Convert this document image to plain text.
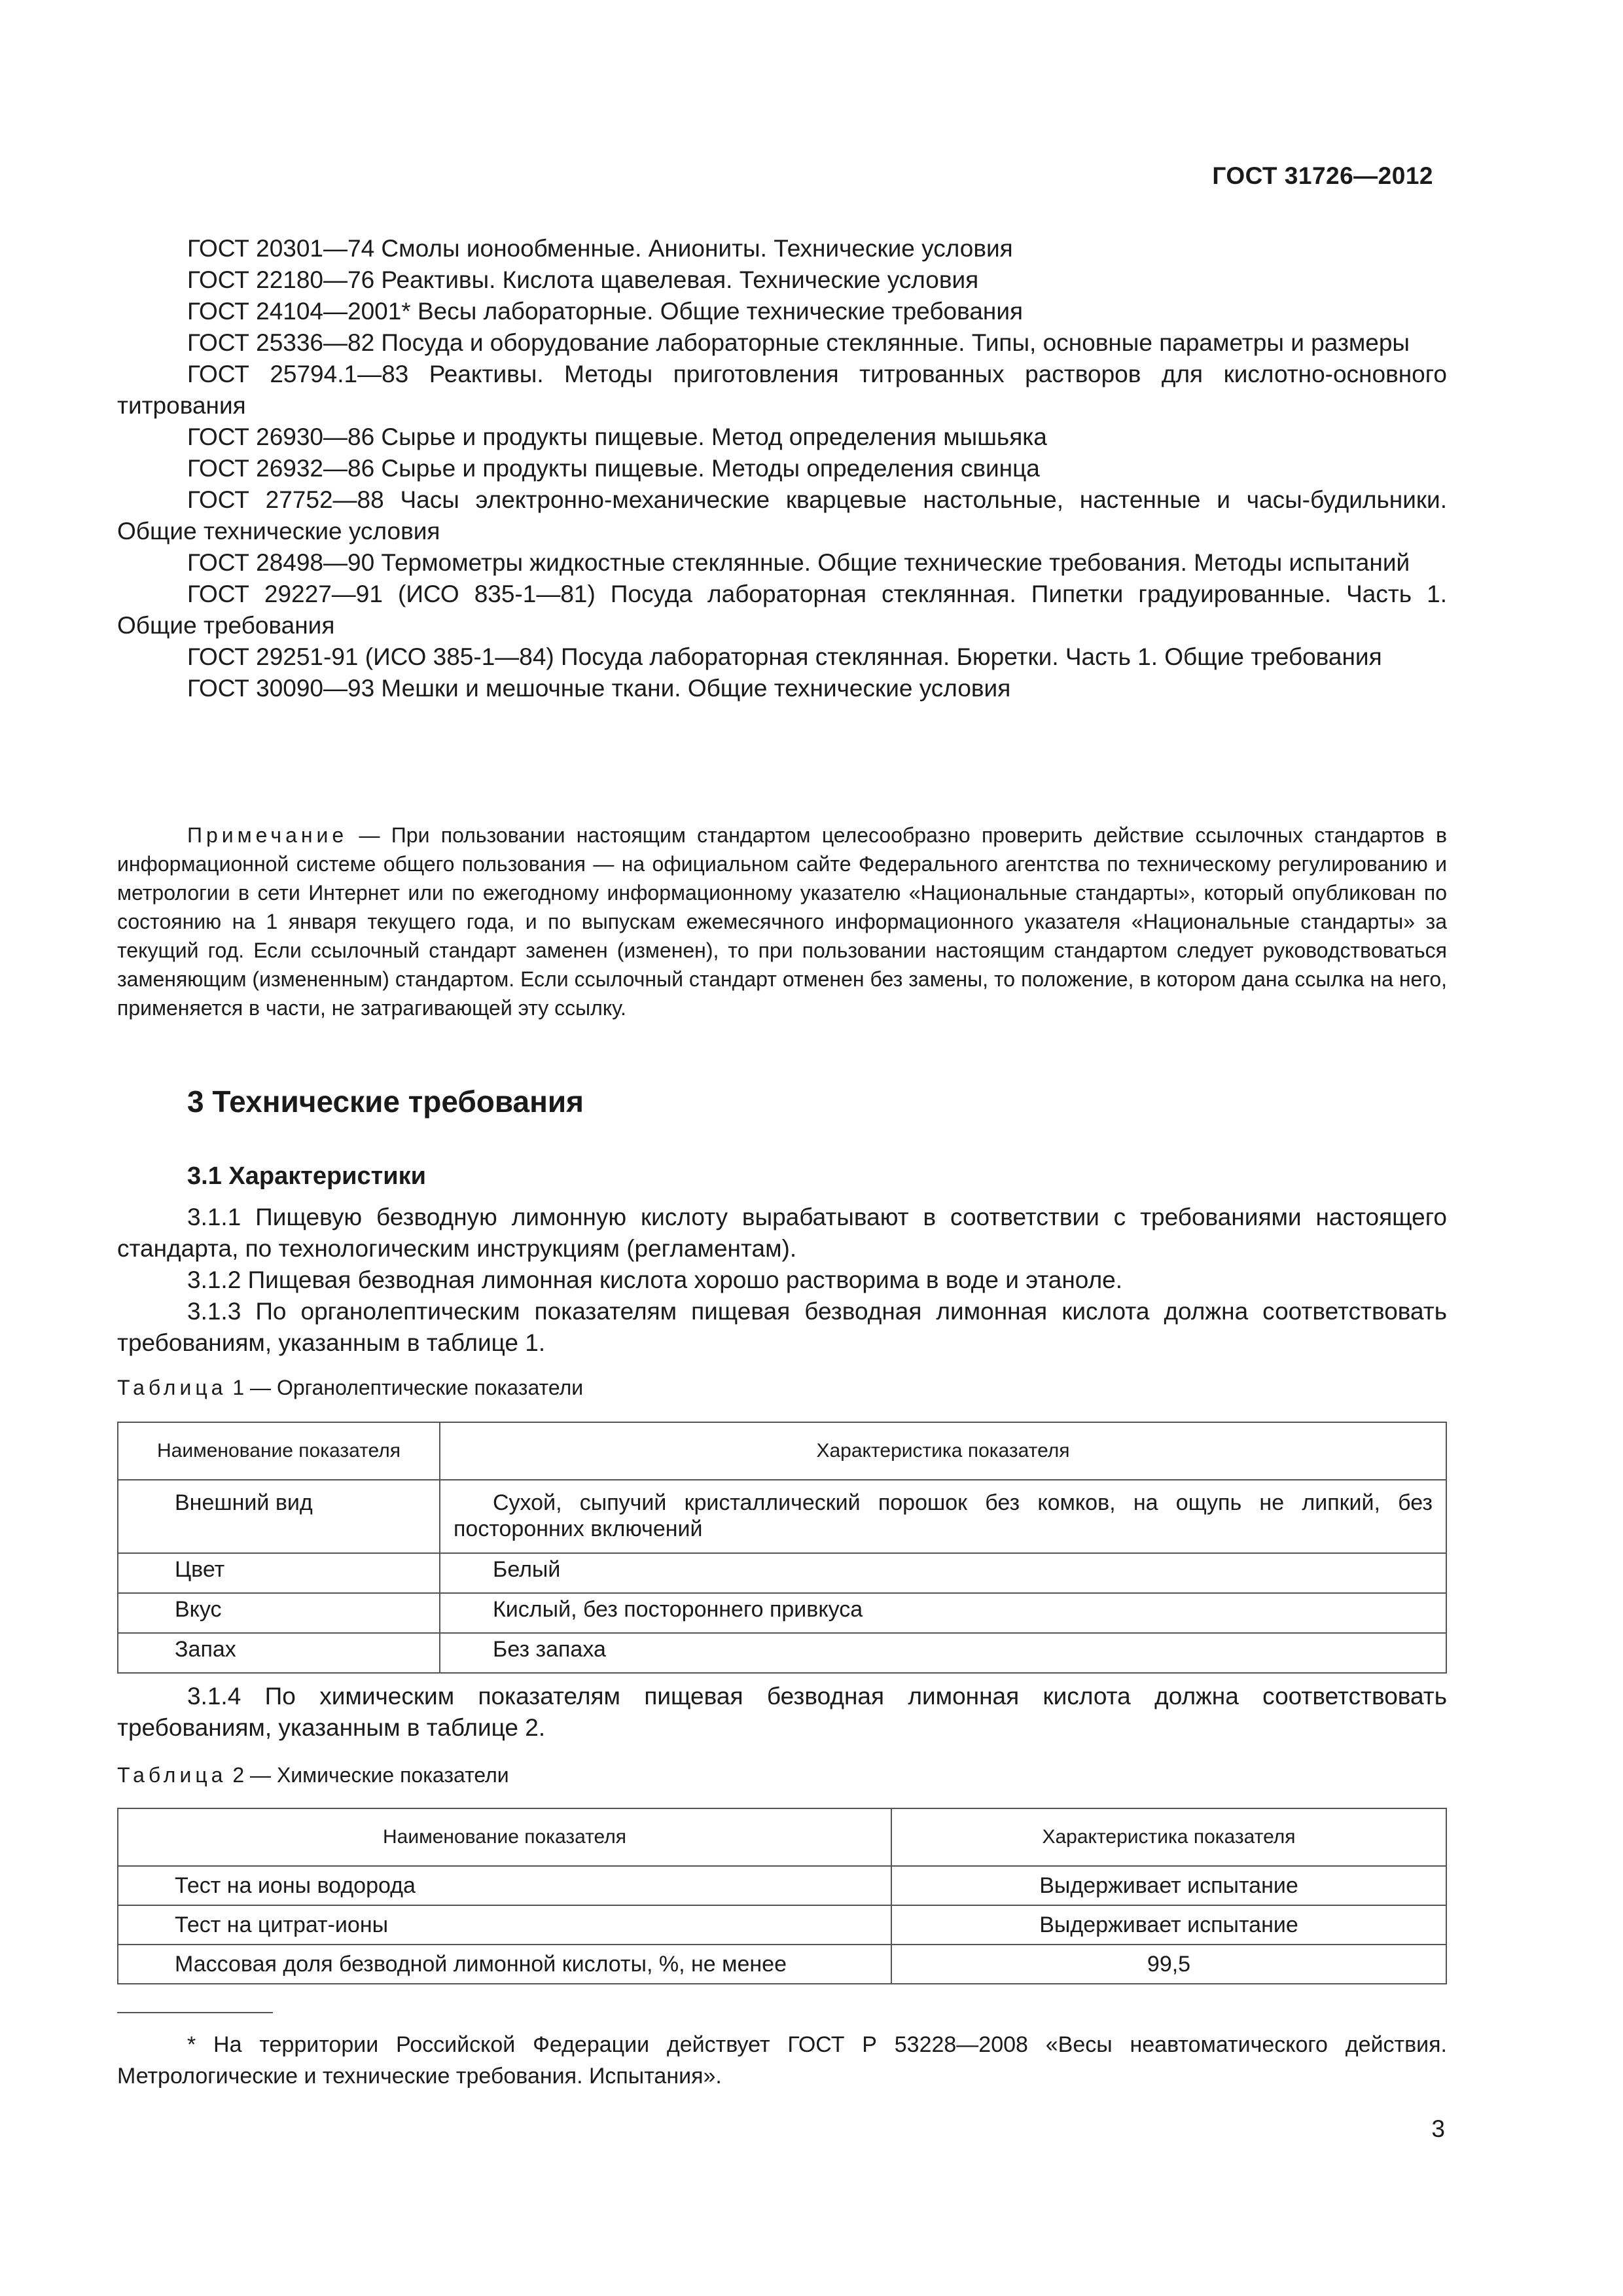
ГОСТ 31726—2012

ГОСТ 20301—74 Смолы ионообменные. Аниониты. Технические условия

ГОСТ 22180—76 Реактивы. Кислота щавелевая. Технические условия

ГОСТ 24104—2001* Весы лабораторные. Общие технические требования

ГОСТ 25336—82 Посуда и оборудование лабораторные стеклянные. Типы, основные параметры и размеры

ГОСТ 25794.1—83 Реактивы. Методы приготовления титрованных растворов для кислотно-основного титрования

ГОСТ 26930—86 Сырье и продукты пищевые. Метод определения мышьяка

ГОСТ 26932—86 Сырье и продукты пищевые. Методы определения свинца

ГОСТ 27752—88 Часы электронно-механические кварцевые настольные, настенные и часы-будильники. Общие технические условия

ГОСТ 28498—90 Термометры жидкостные стеклянные. Общие технические требования. Методы испытаний

ГОСТ 29227—91 (ИСО 835-1—81) Посуда лабораторная стеклянная. Пипетки градуированные. Часть 1. Общие требования

ГОСТ 29251-91 (ИСО 385-1—84) Посуда лабораторная стеклянная. Бюретки. Часть 1. Общие требования

ГОСТ 30090—93 Мешки и мешочные ткани. Общие технические условия

Примечание — При пользовании настоящим стандартом целесообразно проверить действие ссылочных стандартов в информационной системе общего пользования — на официальном сайте Федерального агентства по техническому регулированию и метрологии в сети Интернет или по ежегодному информационному указателю «Национальные стандарты», который опубликован по состоянию на 1 января текущего года, и по выпускам ежемесячного информационного указателя «Национальные стандарты» за текущий год. Если ссылочный стандарт заменен (изменен), то при пользовании настоящим стандартом следует руководствоваться заменяющим (измененным) стандартом. Если ссылочный стандарт отменен без замены, то положение, в котором дана ссылка на него, применяется в части, не затрагивающей эту ссылку.

3 Технические требования
3.1 Характеристики

3.1.1 Пищевую безводную лимонную кислоту вырабатывают в соответствии с требованиями настоящего стандарта, по технологическим инструкциям (регламентам).

3.1.2 Пищевая безводная лимонная кислота хорошо растворима в воде и этаноле.

3.1.3 По органолептическим показателям пищевая безводная лимонная кислота должна соответствовать требованиям, указанным в таблице 1.

Таблица 1 — Органолептические показатели
Наименование показателя	Характеристика показателя
Внешний вид	Сухой, сыпучий кристаллический порошок без комков, на ощупь не липкий, без посторонних включений
Цвет	Белый
Вкус	Кислый, без постороннего привкуса
Запах	Без запаха

3.1.4 По химическим показателям пищевая безводная лимонная кислота должна соответствовать требованиям, указанным в таблице 2.

Таблица 2 — Химические показатели
Наименование показателя	Характеристика показателя
Тест на ионы водорода	Выдерживает испытание
Тест на цитрат-ионы	Выдерживает испытание
Массовая доля безводной лимонной кислоты, %, не менее	99,5

* На территории Российской Федерации действует ГОСТ Р 53228—2008 «Весы неавтоматического действия. Метрологические и технические требования. Испытания».

3
